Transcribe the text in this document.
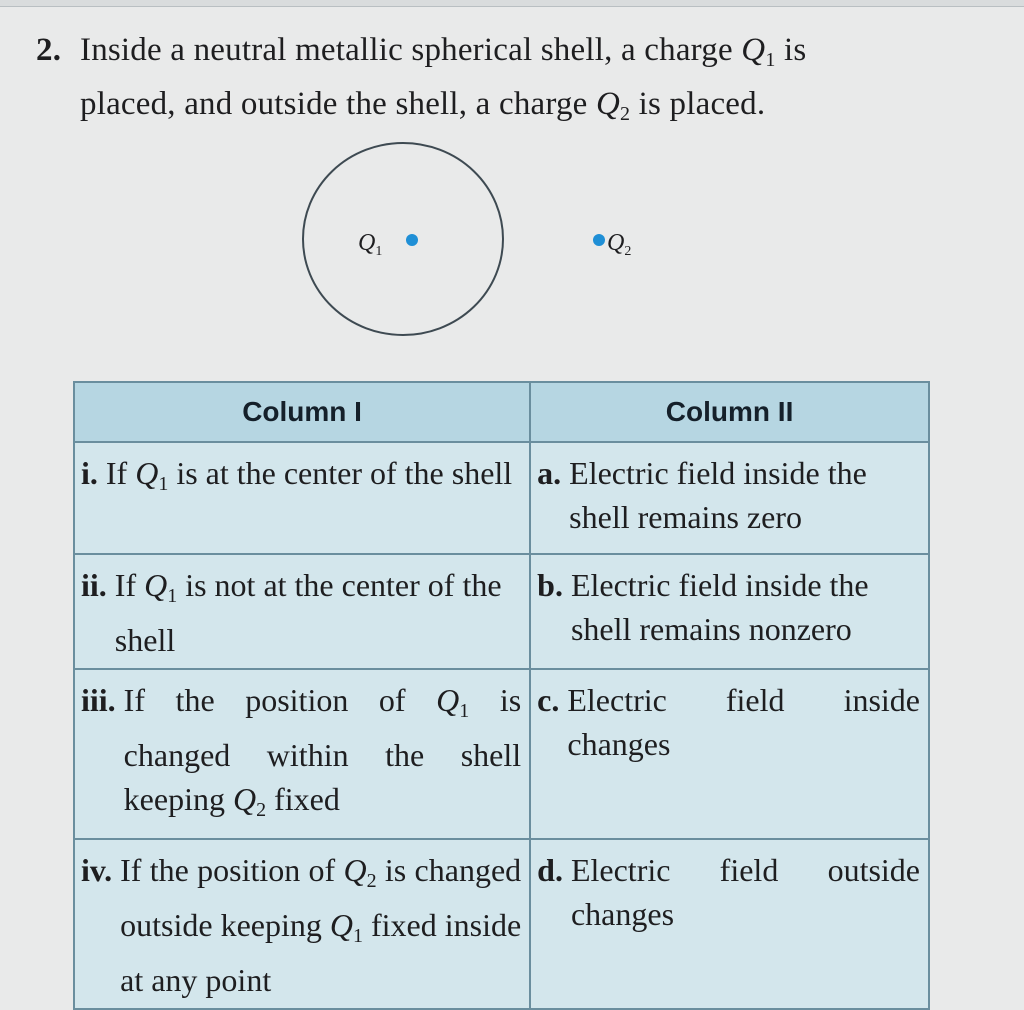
2. Inside a neutral metallic spherical shell, a charge $Q_1$ is
placed, and outside the shell, a charge $Q_2$ is placed.
$Q_1$	$Q_2$
Column I	Column II

i. If $Q_1$ is at the center of the shell	a. Electric field inside the shell remains zero

ii. If $Q_1$ is not at the center of the shell	b. Electric field inside the shell remains nonzero

iii. If the position of $Q_1$ is changed within the shell keeping $Q_2$ fixed	c. Electric field inside changes

iv. If the position of $Q_2$ is changed outside keeping $Q_1$ fixed inside at any point	d. Electric field outside changes
